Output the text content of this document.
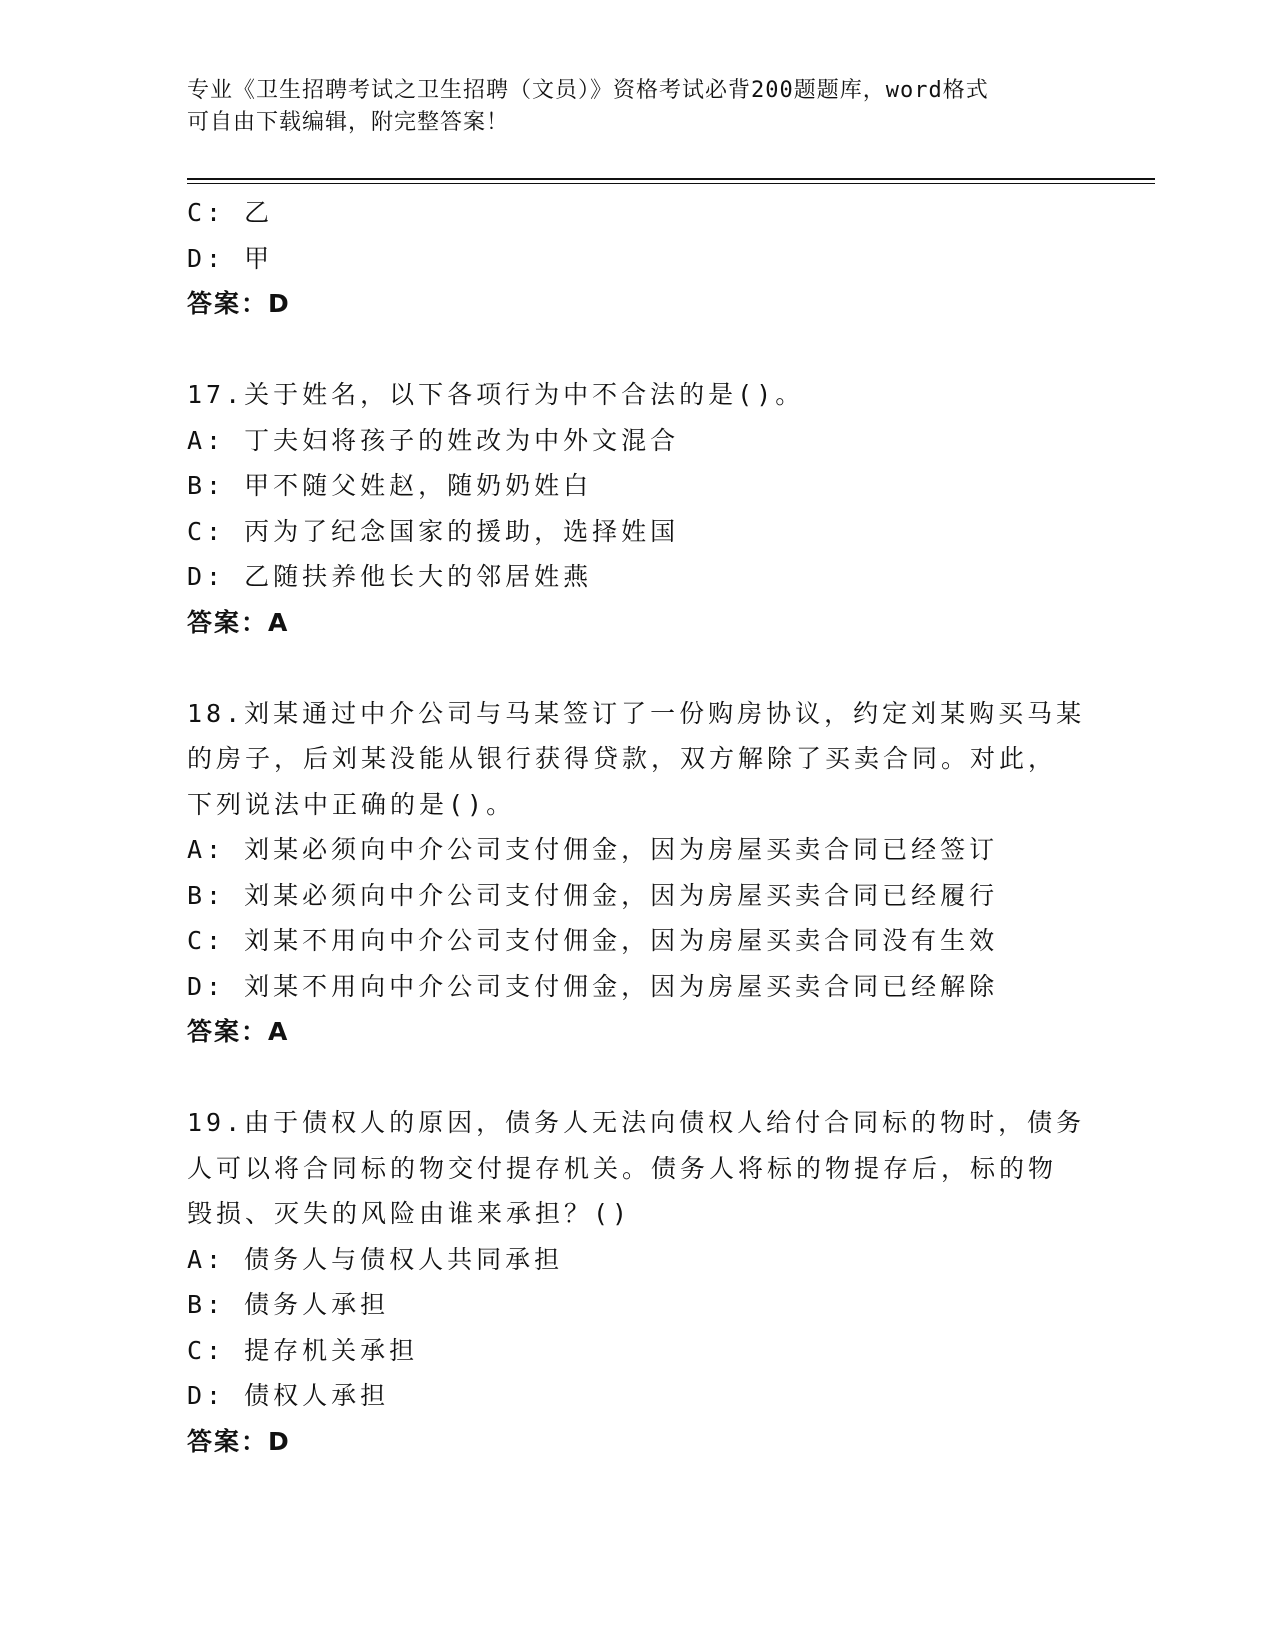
专业《卫生招聘考试之卫生招聘（文员）》资格考试必背200题题库，word格式
可自由下载编辑，附完整答案！
C: 乙
D: 甲
答案：D
17.关于姓名，以下各项行为中不合法的是()。
A: 丁夫妇将孩子的姓改为中外文混合
B: 甲不随父姓赵，随奶奶姓白
C: 丙为了纪念国家的援助，选择姓国
D: 乙随扶养他长大的邻居姓燕
答案：A
18.刘某通过中介公司与马某签订了一份购房协议，约定刘某购买马某
的房子，后刘某没能从银行获得贷款，双方解除了买卖合同。对此，
下列说法中正确的是()。
A: 刘某必须向中介公司支付佣金，因为房屋买卖合同已经签订
B: 刘某必须向中介公司支付佣金，因为房屋买卖合同已经履行
C: 刘某不用向中介公司支付佣金，因为房屋买卖合同没有生效
D: 刘某不用向中介公司支付佣金，因为房屋买卖合同已经解除
答案：A
19.由于债权人的原因，债务人无法向债权人给付合同标的物时，债务
人可以将合同标的物交付提存机关。债务人将标的物提存后，标的物
毁损、灭失的风险由谁来承担？()
A: 债务人与债权人共同承担
B: 债务人承担
C: 提存机关承担
D: 债权人承担
答案：D
